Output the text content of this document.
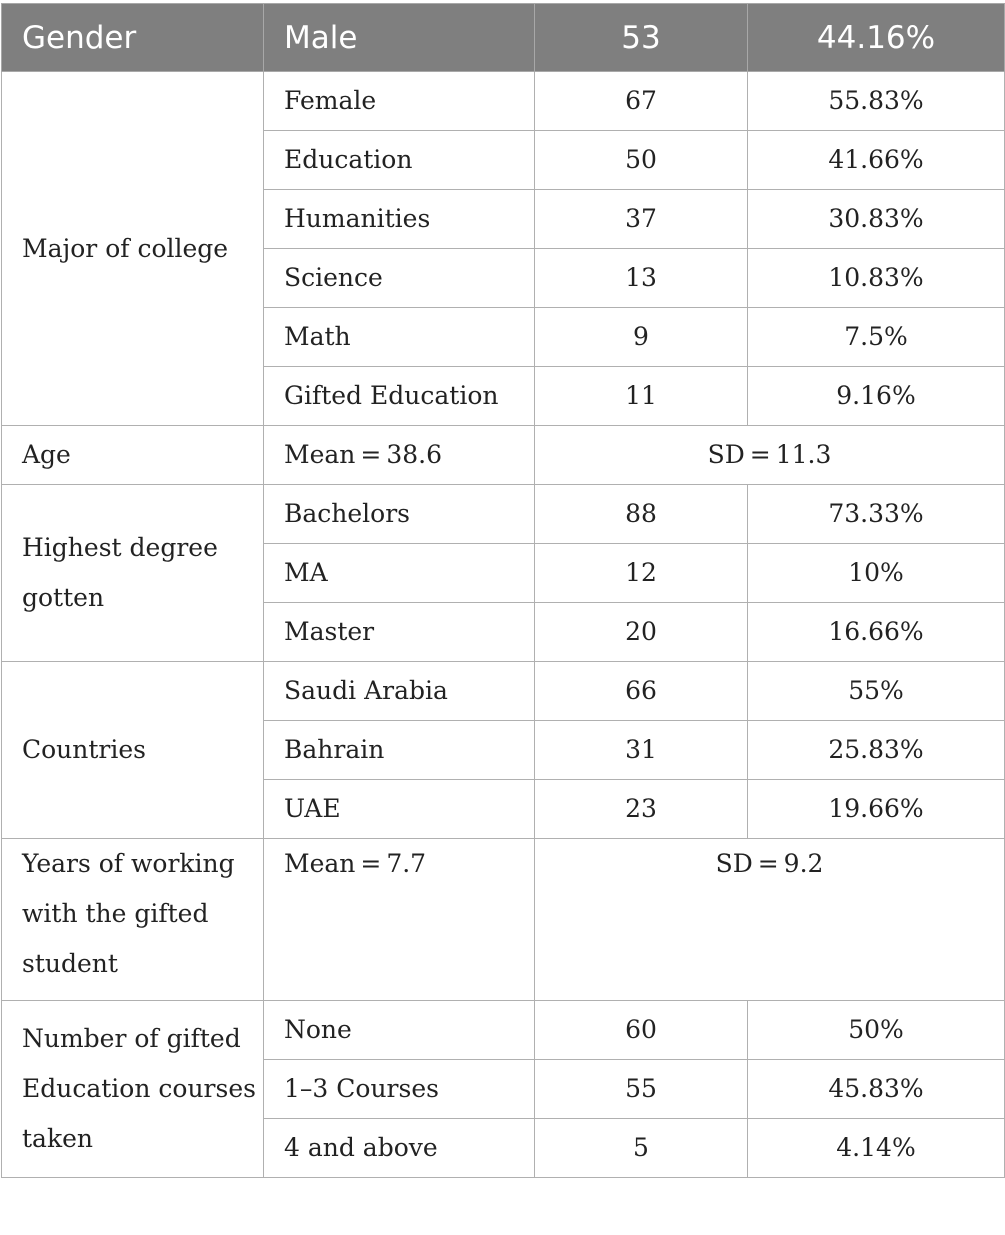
Gender	Male	53	44.16%
Major of college	Female	67	55.83%
	Education	50	41.66%
	Humanities	37	30.83%
	Science	13	10.83%
	Math	9	7.5%
	Gifted Education	11	9.16%
Age	Mean = 38.6	SD = 11.3	
Highest degree gotten	Bachelors	88	73.33%
	MA	12	10%
	Master	20	16.66%
Countries	Saudi Arabia	66	55%
	Bahrain	31	25.83%
	UAE	23	19.66%
Years of working with the gifted student	Mean = 7.7	SD = 9.2	
Number of gifted Education courses taken	None	60	50%
	1–3 Courses	55	45.83%
	4 and above	5	4.14%
